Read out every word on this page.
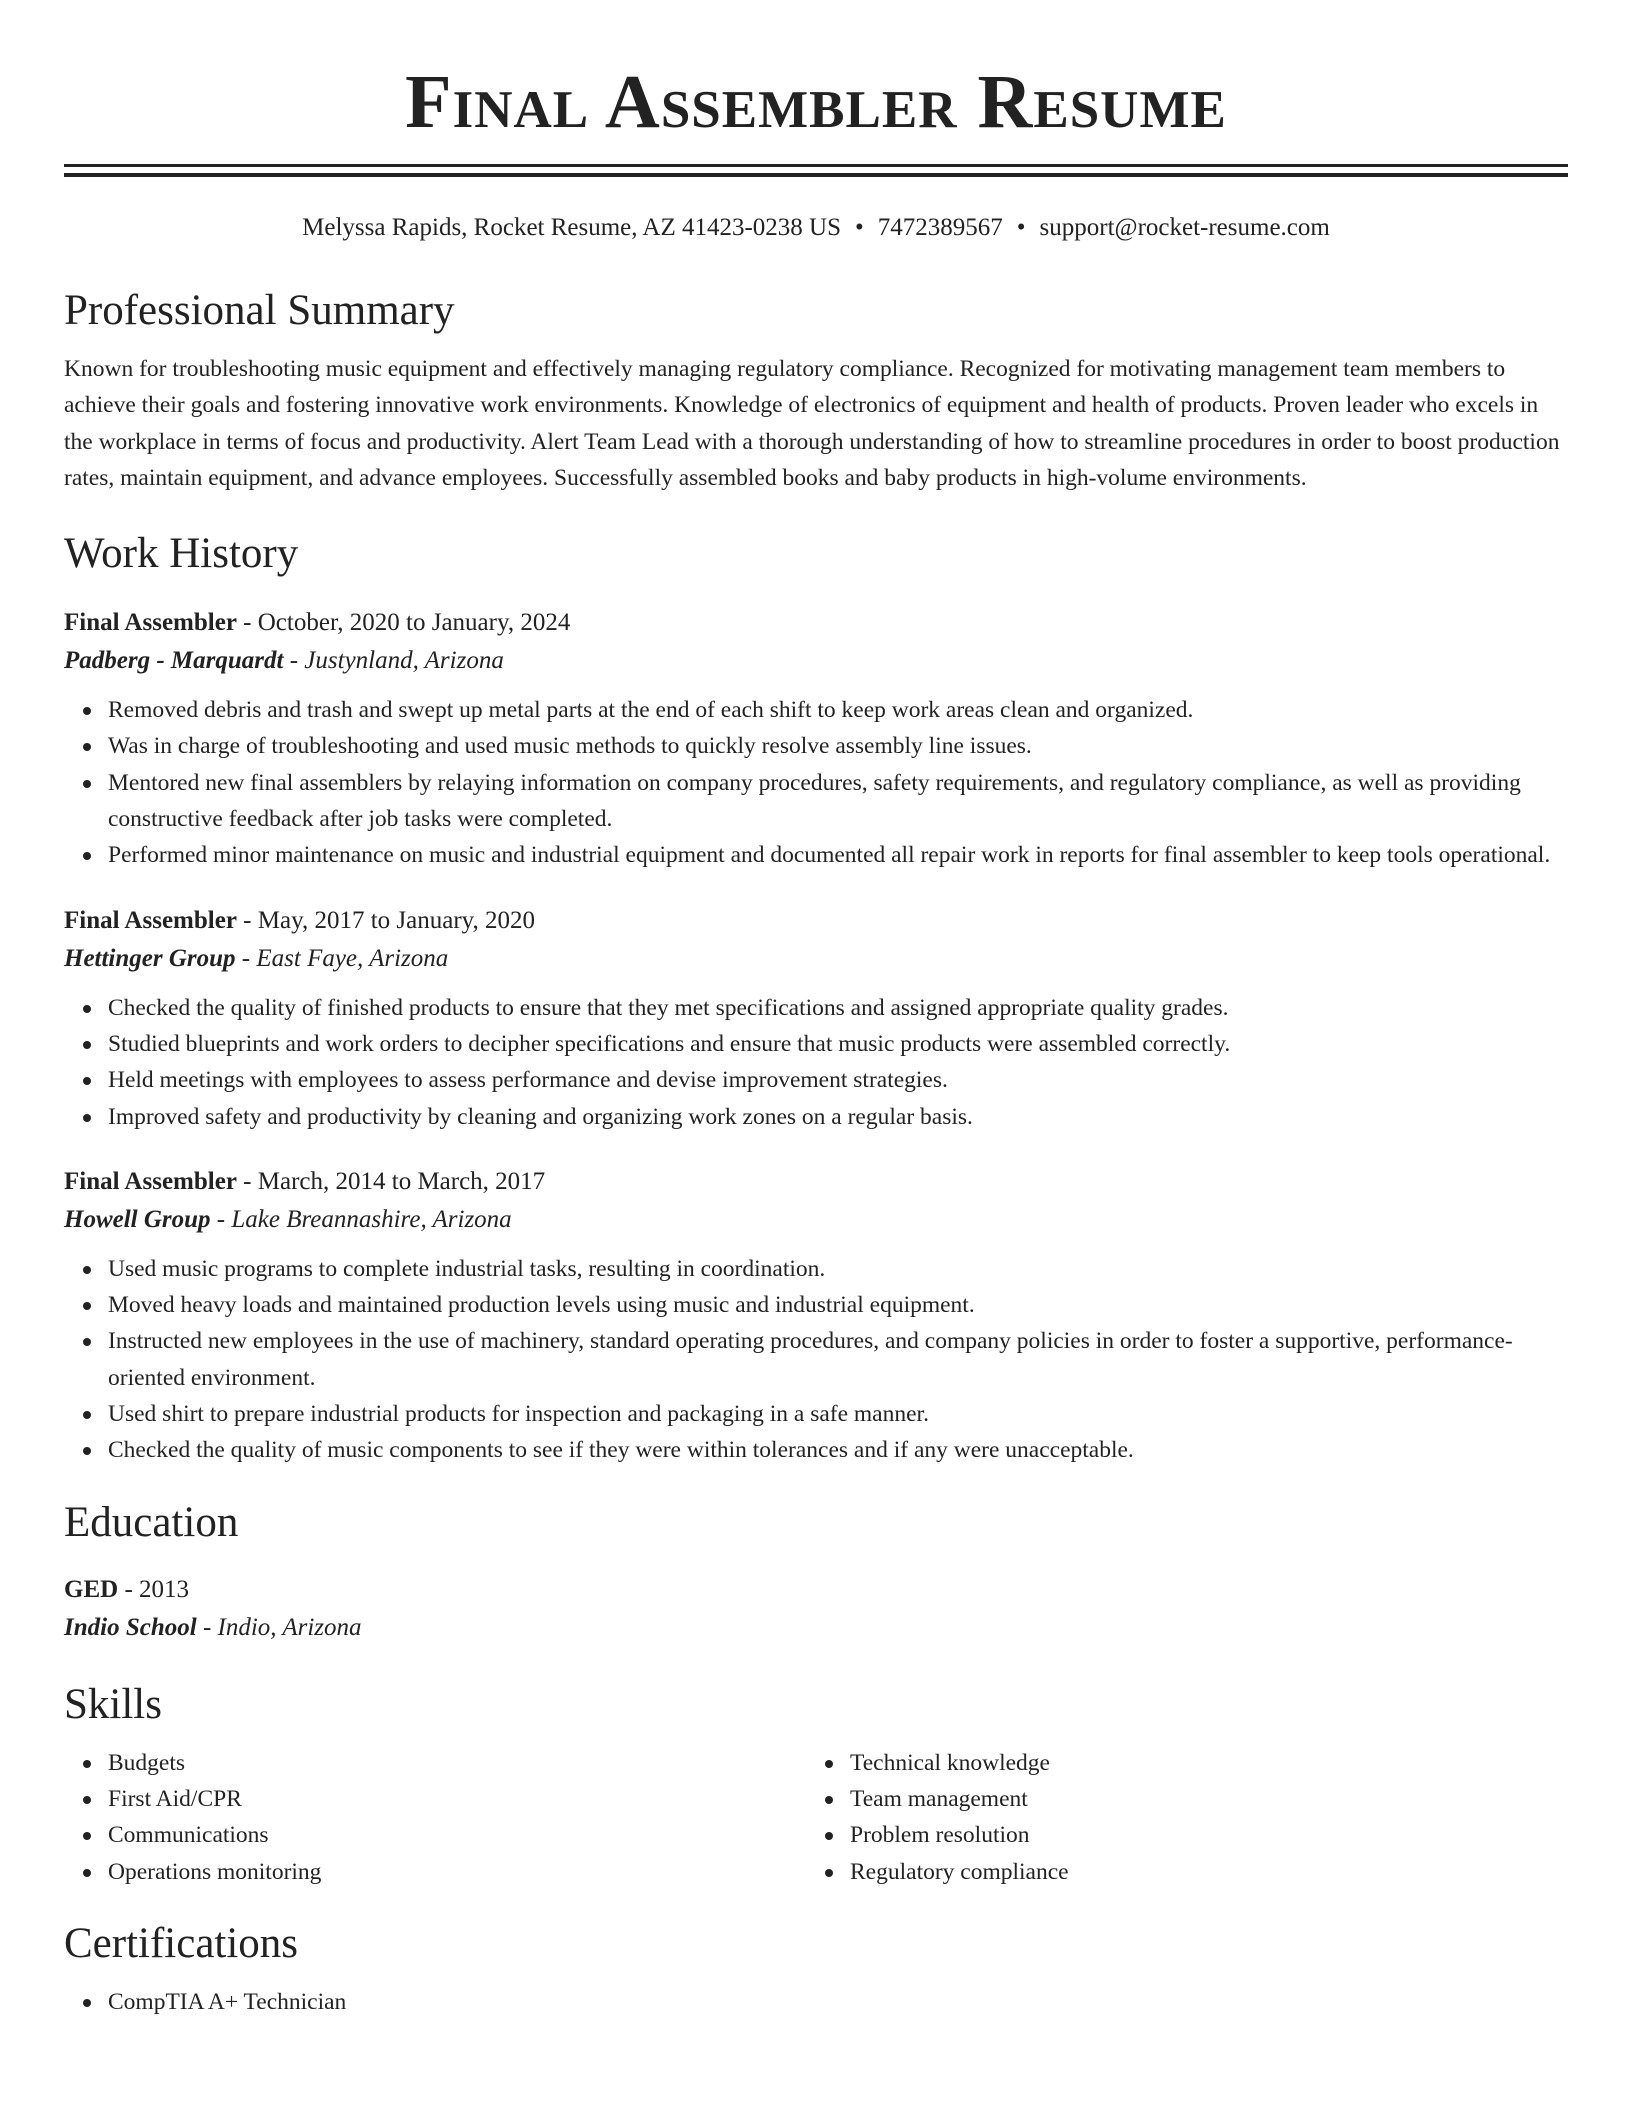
Final Assembler Resume
Melyssa Rapids, Rocket Resume, AZ 41423-0238 US • 7472389567 • support@rocket-resume.com
Professional Summary

Known for troubleshooting music equipment and effectively managing regulatory compliance. Recognized for motivating management team members to achieve their goals and fostering innovative work environments. Knowledge of electronics of equipment and health of products. Proven leader who excels in the workplace in terms of focus and productivity. Alert Team Lead with a thorough understanding of how to streamline procedures in order to boost production rates, maintain equipment, and advance employees. Successfully assembled books and baby products in high-volume environments.

Work History
Final Assembler - October, 2020 to January, 2024
Padberg - Marquardt - Justynland, Arizona
Removed debris and trash and swept up metal parts at the end of each shift to keep work areas clean and organized.
Was in charge of troubleshooting and used music methods to quickly resolve assembly line issues.
Mentored new final assemblers by relaying information on company procedures, safety requirements, and regulatory compliance, as well as providing constructive feedback after job tasks were completed.
Performed minor maintenance on music and industrial equipment and documented all repair work in reports for final assembler to keep tools operational.
Final Assembler - May, 2017 to January, 2020
Hettinger Group - East Faye, Arizona
Checked the quality of finished products to ensure that they met specifications and assigned appropriate quality grades.
Studied blueprints and work orders to decipher specifications and ensure that music products were assembled correctly.
Held meetings with employees to assess performance and devise improvement strategies.
Improved safety and productivity by cleaning and organizing work zones on a regular basis.
Final Assembler - March, 2014 to March, 2017
Howell Group - Lake Breannashire, Arizona
Used music programs to complete industrial tasks, resulting in coordination.
Moved heavy loads and maintained production levels using music and industrial equipment.
Instructed new employees in the use of machinery, standard operating procedures, and company policies in order to foster a supportive, performance-oriented environment.
Used shirt to prepare industrial products for inspection and packaging in a safe manner.
Checked the quality of music components to see if they were within tolerances and if any were unacceptable.
Education
GED - 2013
Indio School - Indio, Arizona
Skills
Budgets
First Aid/CPR
Communications
Operations monitoring
Technical knowledge
Team management
Problem resolution
Regulatory compliance
Certifications
CompTIA A+ Technician
